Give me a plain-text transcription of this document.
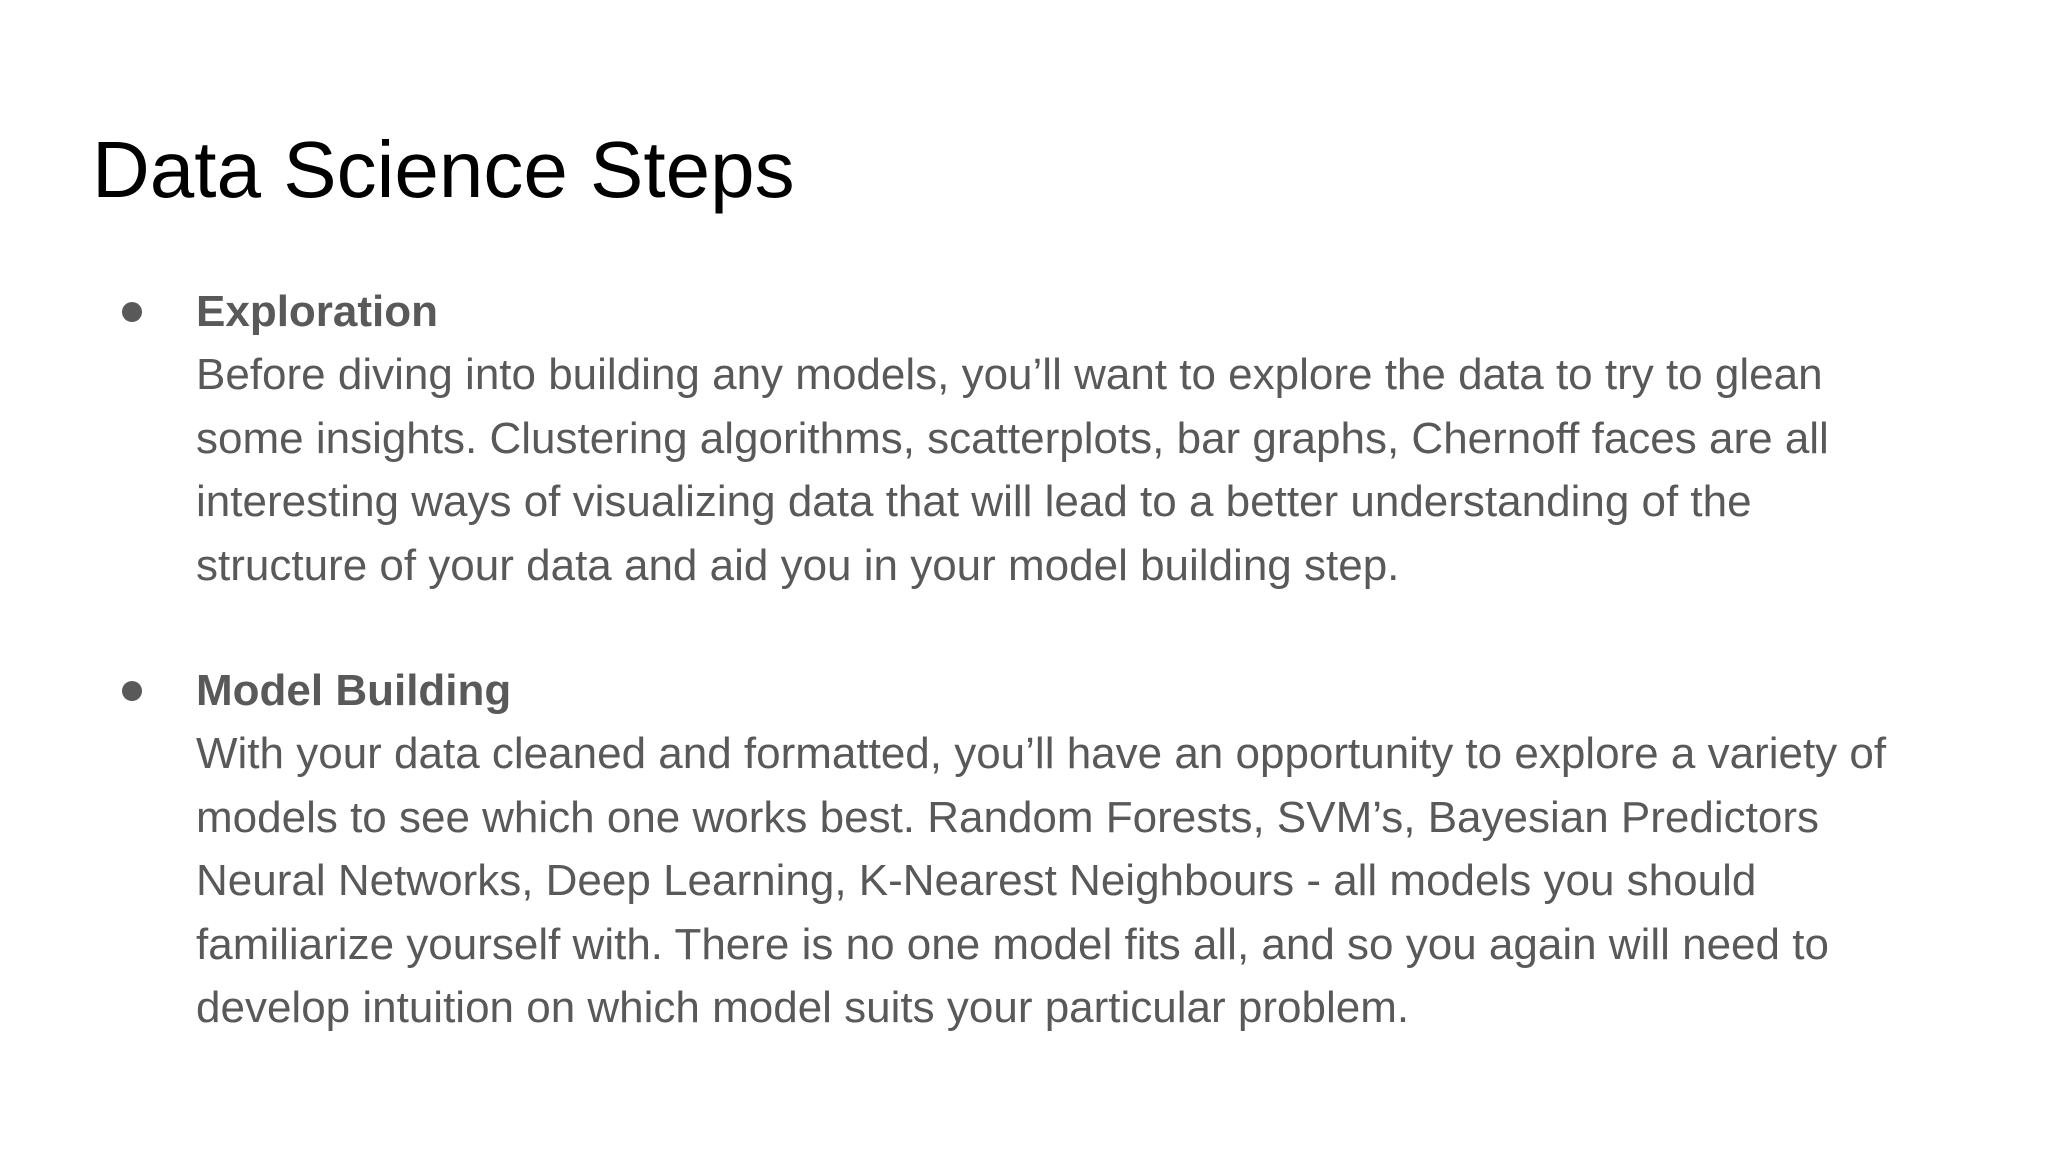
Data Science Steps
Exploration
Before diving into building any models, you’ll want to explore the data to try to glean
some insights. Clustering algorithms, scatterplots, bar graphs, Chernoff faces are all
interesting ways of visualizing data that will lead to a better understanding of the
structure of your data and aid you in your model building step.
Model Building
With your data cleaned and formatted, you’ll have an opportunity to explore a variety of
models to see which one works best. Random Forests, SVM’s, Bayesian Predictors
Neural Networks, Deep Learning, K-Nearest Neighbours - all models you should
familiarize yourself with. There is no one model fits all, and so you again will need to
develop intuition on which model suits your particular problem.
